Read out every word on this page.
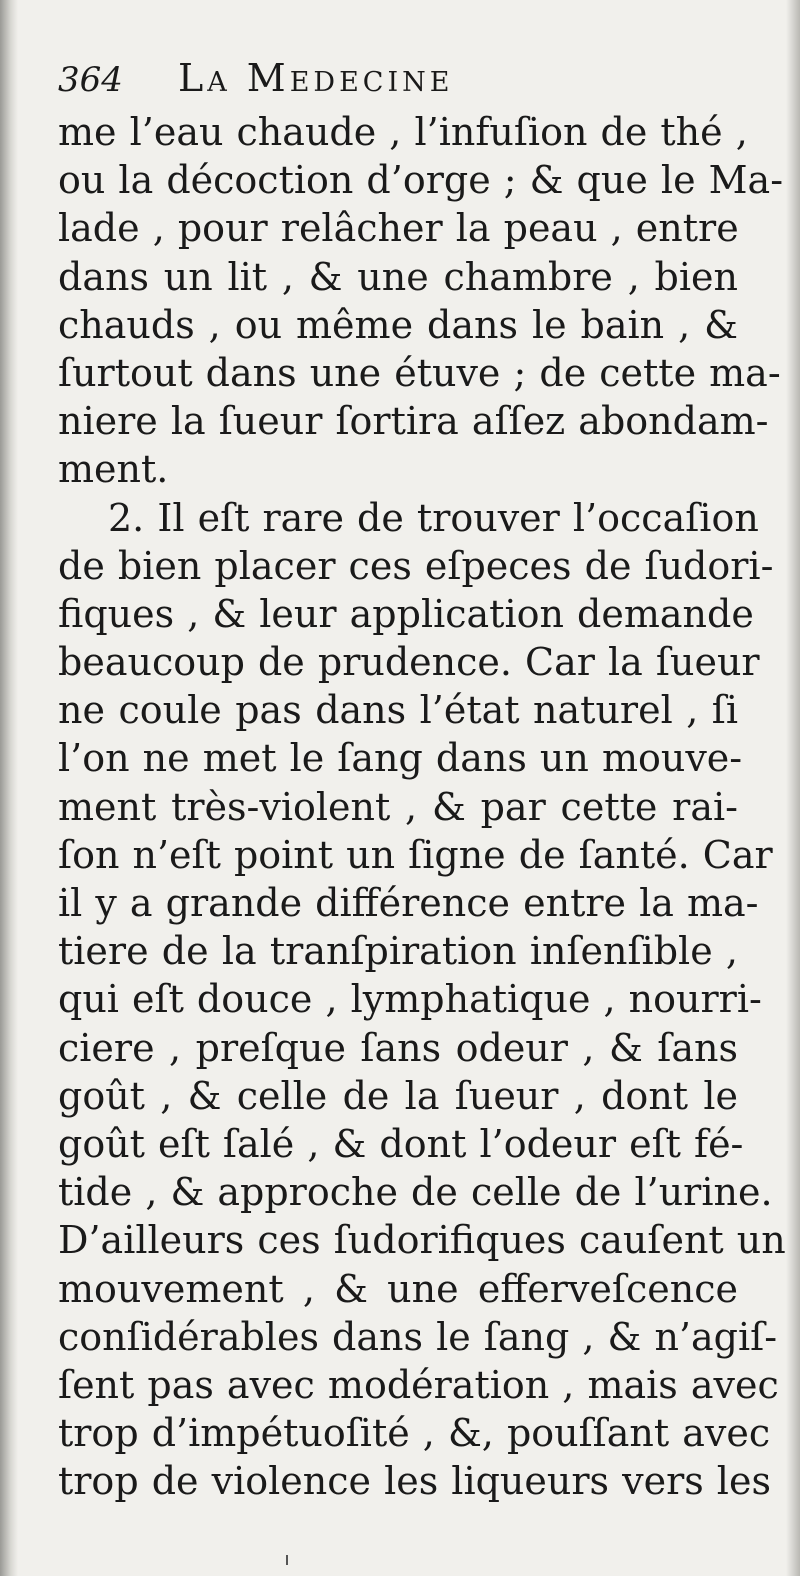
364	La Medecine
me l’eau chaude , l’infuſion de thé ,
ou la décoction d’orge ; & que le Ma-
lade , pour relâcher la peau , entre
dans un lit , & une chambre , bien
chauds , ou même dans le bain , &
ſurtout dans une étuve ; de cette ma-
niere la ſueur ſortira aſſez abondam-
ment.
2. Il eſt rare de trouver l’occaſion
de bien placer ces eſpeces de ſudori-
fiques , & leur application demande
beaucoup de prudence. Car la ſueur
ne coule pas dans l’état naturel , ſi
l’on ne met le ſang dans un mouve-
ment très-violent , & par cette rai-
ſon n’eſt point un ſigne de ſanté. Car
il y a grande différence entre la ma-
tiere de la tranſpiration inſenſible ,
qui eſt douce , lymphatique , nourri-
ciere , preſque ſans odeur , & ſans
goût , & celle de la ſueur , dont le
goût eſt ſalé , & dont l’odeur eſt fé-
tide , & approche de celle de l’urine.
D’ailleurs ces ſudorifiques cauſent un
mouvement , & une effervеſcence
conſidérables dans le ſang , & n’agiſ-
ſent pas avec modération , mais avec
trop d’impétuoſité , &, pouſſant avec
trop de violence les liqueurs vers les
